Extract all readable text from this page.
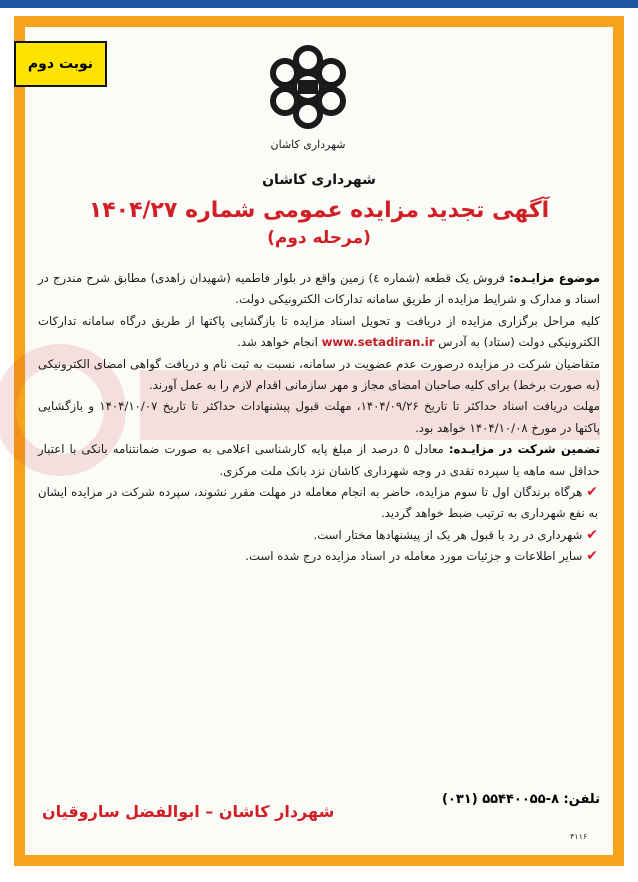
نوبت دوم
شهرداری کاشان
شهرداری کاشان
آگهی تجدید مزایده عمومی شماره ۱۴۰۴/۲۷
(مرحله دوم)

موضوع مزایـده: فروش یک قطعه (شماره ٤) زمین واقع در بلوار فاطمیه (شهیدان زاهدی) مطابق شرح مندرج در اسناد و مدارک و شرایط مزایده از طریق سامانه تدارکات الکترونیکی دولت.

کلیه مراحل برگزاری مزایده از دریافت و تحویل اسناد مزایده تا بازگشایی پاکتها از طریق درگاه سامانه تدارکات الکترونیکی دولت (ستاد) به آدرس www.setadiran.ir انجام خواهد شد.

متقاضیان شرکت در مزایده درصورت عدم عضویت در سامانه، نسبت به ثبت نام و دریافت گواهی امضای الکترونیکی (به صورت برخط) برای کلیه صاحبان امضای مجاز و مهر سازمانی اقدام لازم را به عمل آورند.

مهلت دریافت اسناد حداکثر تا تاریخ ۱۴۰۴/۰۹/۲۶، مهلت قبول پیشنهادات حداکثر تا تاریخ ۱۴۰۴/۱۰/۰۷ و بازگشایی پاکتها در مورخ ۱۴۰۴/۱۰/۰۸ خواهد بود.

تضمین شرکت در مزایـده: معادل ٥ درصد از مبلغ پایه کارشناسی اعلامی به صورت ضمانتنامه بانکی با اعتبار حداقل سه ماهه یا سپرده تقدی در وجه شهرداری کاشان نزد بانک ملت مرکزی.

✔هرگاه برندگان اول تا سوم مزایده، حاضر به انجام معامله در مهلت مقرر نشوند، سپرده شرکت در مزایده ایشان به نفع شهرداری به ترتیب ضبط خواهد گردید.

✔شهرداری در رد یا قبول هر یک از پیشنهادها مختار است.

✔سایر اطلاعات و جزئیات مورد معامله در اسناد مزایده درج شده است.

تلفن: ۸-۵۵۴۴۰۰۵۵ (۰۳۱)
شهردار کاشان – ابوالفضل ساروقیان
۴۱۱۶
